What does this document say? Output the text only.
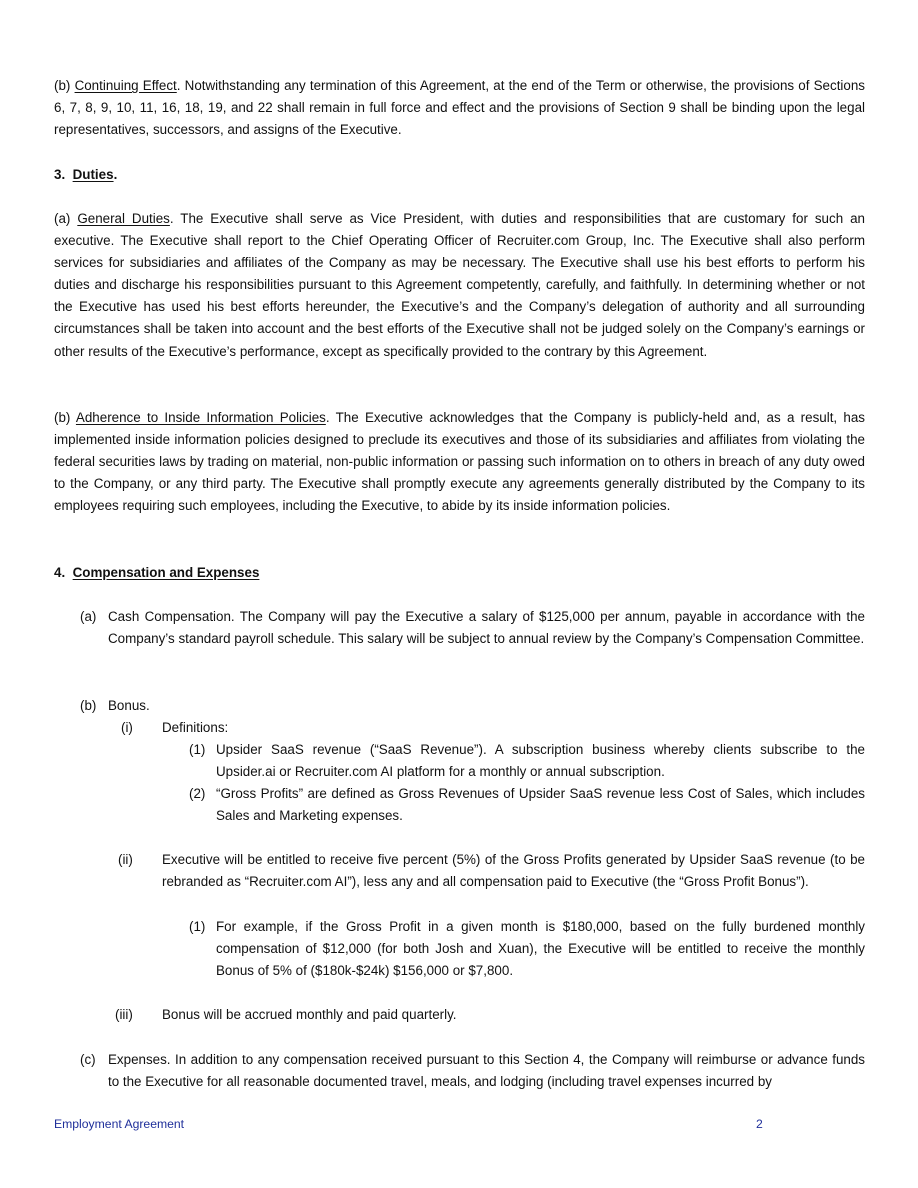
(b) Continuing Effect. Notwithstanding any termination of this Agreement, at the end of the Term or otherwise, the provisions of Sections 6, 7, 8, 9, 10, 11, 16, 18, 19, and 22 shall remain in full force and effect and the provisions of Section 9 shall be binding upon the legal representatives, successors, and assigns of the Executive.
3. Duties.
(a) General Duties. The Executive shall serve as Vice President, with duties and responsibilities that are customary for such an executive. The Executive shall report to the Chief Operating Officer of Recruiter.com Group, Inc. The Executive shall also perform services for subsidiaries and affiliates of the Company as may be necessary. The Executive shall use his best efforts to perform his duties and discharge his responsibilities pursuant to this Agreement competently, carefully, and faithfully. In determining whether or not the Executive has used his best efforts hereunder, the Executive’s and the Company’s delegation of authority and all surrounding circumstances shall be taken into account and the best efforts of the Executive shall not be judged solely on the Company’s earnings or other results of the Executive’s performance, except as specifically provided to the contrary by this Agreement.
(b) Adherence to Inside Information Policies. The Executive acknowledges that the Company is publicly-held and, as a result, has implemented inside information policies designed to preclude its executives and those of its subsidiaries and affiliates from violating the federal securities laws by trading on material, non-public information or passing such information on to others in breach of any duty owed to the Company, or any third party. The Executive shall promptly execute any agreements generally distributed by the Company to its employees requiring such employees, including the Executive, to abide by its inside information policies.
4. Compensation and Expenses
(a) Cash Compensation. The Company will pay the Executive a salary of $125,000 per annum, payable in accordance with the Company’s standard payroll schedule. This salary will be subject to annual review by the Company’s Compensation Committee.
(b) Bonus.
(i) Definitions:
(1) Upsider SaaS revenue (“SaaS Revenue”). A subscription business whereby clients subscribe to the Upsider.ai or Recruiter.com AI platform for a monthly or annual subscription.
(2) “Gross Profits” are defined as Gross Revenues of Upsider SaaS revenue less Cost of Sales, which includes Sales and Marketing expenses.
(ii) Executive will be entitled to receive five percent (5%) of the Gross Profits generated by Upsider SaaS revenue (to be rebranded as “Recruiter.com AI”), less any and all compensation paid to Executive (the “Gross Profit Bonus”).
(1) For example, if the Gross Profit in a given month is $180,000, based on the fully burdened monthly compensation of $12,000 (for both Josh and Xuan), the Executive will be entitled to receive the monthly Bonus of 5% of ($180k-$24k) $156,000 or $7,800.
(iii) Bonus will be accrued monthly and paid quarterly.
(c) Expenses. In addition to any compensation received pursuant to this Section 4, the Company will reimburse or advance funds to the Executive for all reasonable documented travel, meals, and lodging (including travel expenses incurred by
Employment Agreement	2
